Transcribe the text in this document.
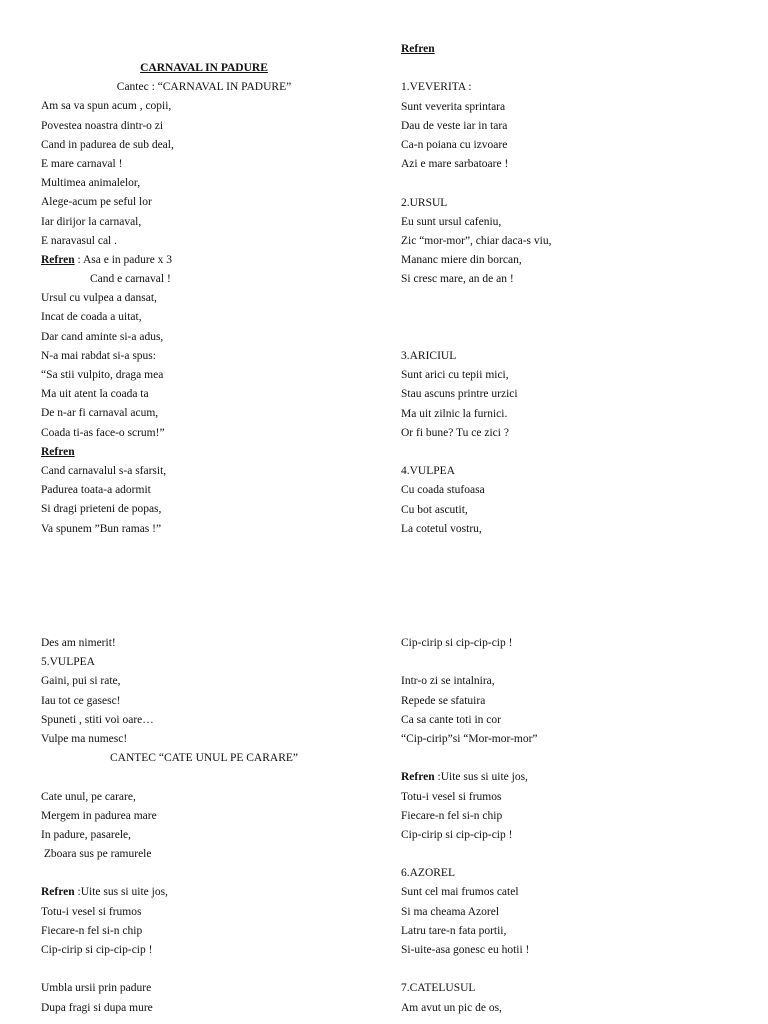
CARNAVAL IN PADURE
Cantec : “CARNAVAL IN PADURE”
Am sa va spun acum , copii,
Povestea noastra dintr-o zi
Cand in padurea de sub deal,
E mare carnaval !
Multimea animalelor,
Alege-acum pe seful lor
Iar dirijor la carnaval,
E naravasul cal .
Refren : Asa e in padure x 3
Cand e carnaval !
Ursul cu vulpea a dansat,
Incat de coada a uitat,
Dar cand aminte si-a adus,
N-a mai rabdat si-a spus:
“Sa stii vulpito, draga mea
Ma uit atent la coada ta
De n-ar fi carnaval acum,
Coada ti-as face-o scrum!”
Refren
Cand carnavalul s-a sfarsit,
Padurea toata-a adormit
Si dragi prieteni de popas,
Va spunem ”Bun ramas !”
Refren
1.VEVERITA :
Sunt veverita sprintara
Dau de veste iar in tara
Ca-n poiana cu izvoare
Azi e mare sarbatoare !
2.URSUL
Eu sunt ursul cafeniu,
Zic “mor-mor”, chiar daca-s viu,
Mananc miere din borcan,
Si cresc mare, an de an !
3.ARICIUL
Sunt arici cu tepii mici,
Stau ascuns printre urzici
Ma uit zilnic la furnici.
Or fi bune? Tu ce zici ?
4.VULPEA
Cu coada stufoasa
Cu bot ascutit,
La cotetul vostru,
Des am nimerit!
5.VULPEA
Gaini, pui si rate,
Iau tot ce gasesc!
Spuneti , stiti voi oare…
Vulpe ma numesc!
CANTEC “CATE UNUL PE CARARE”
Cate unul, pe carare,
Mergem in padurea mare
In padure, pasarele,
Zboara sus pe ramurele
Refren :Uite sus si uite jos,
Totu-i vesel si frumos
Fiecare-n fel si-n chip
Cip-cirip si cip-cip-cip !
Umbla ursii prin padure
Dupa fragi si dupa mure
Cip-cirip si cip-cip-cip !
Intr-o zi se intalnira,
Repede se sfatuira
Ca sa cante toti in cor
“Cip-cirip”si “Mor-mor-mor”
Refren :Uite sus si uite jos,
Totu-i vesel si frumos
Fiecare-n fel si-n chip
Cip-cirip si cip-cip-cip !
6.AZOREL
Sunt cel mai frumos catel
Si ma cheama Azorel
Latru tare-n fata portii,
Si-uite-asa gonesc eu hotii !
7.CATELUSUL
Am avut un pic de os,
